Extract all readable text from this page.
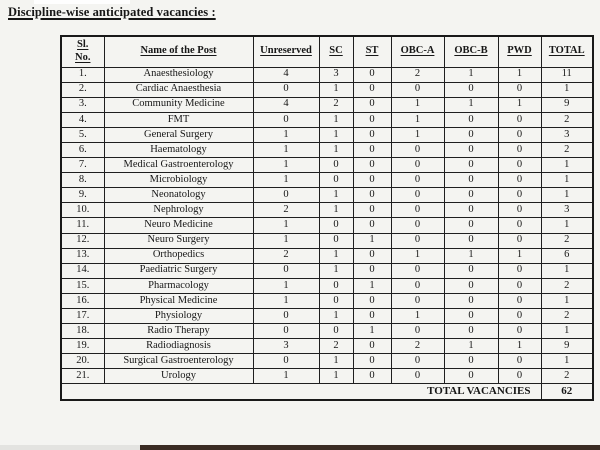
Discipline-wise anticipated vacancies :
Sl.
No.	Name of the Post	Unreserved	SC	ST	OBC-A	OBC-B	PWD	TOTAL
1.	Anaesthesiology	4	3	0	2	1	1	11
2.	Cardiac Anaesthesia	0	1	0	0	0	0	1
3.	Community Medicine	4	2	0	1	1	1	9
4.	FMT	0	1	0	1	0	0	2
5.	General Surgery	1	1	0	1	0	0	3
6.	Haematology	1	1	0	0	0	0	2
7.	Medical Gastroenterology	1	0	0	0	0	0	1
8.	Microbiology	1	0	0	0	0	0	1
9.	Neonatology	0	1	0	0	0	0	1
10.	Nephrology	2	1	0	0	0	0	3
11.	Neuro Medicine	1	0	0	0	0	0	1
12.	Neuro Surgery	1	0	1	0	0	0	2
13.	Orthopedics	2	1	0	1	1	1	6
14.	Paediatric Surgery	0	1	0	0	0	0	1
15.	Pharmacology	1	0	1	0	0	0	2
16.	Physical Medicine	1	0	0	0	0	0	1
17.	Physiology	0	1	0	1	0	0	2
18.	Radio Therapy	0	0	1	0	0	0	1
19.	Radiodiagnosis	3	2	0	2	1	1	9
20.	Surgical Gastroenterology	0	1	0	0	0	0	1
21.	Urology	1	1	0	0	0	0	2
TOTAL VACANCIES								62
